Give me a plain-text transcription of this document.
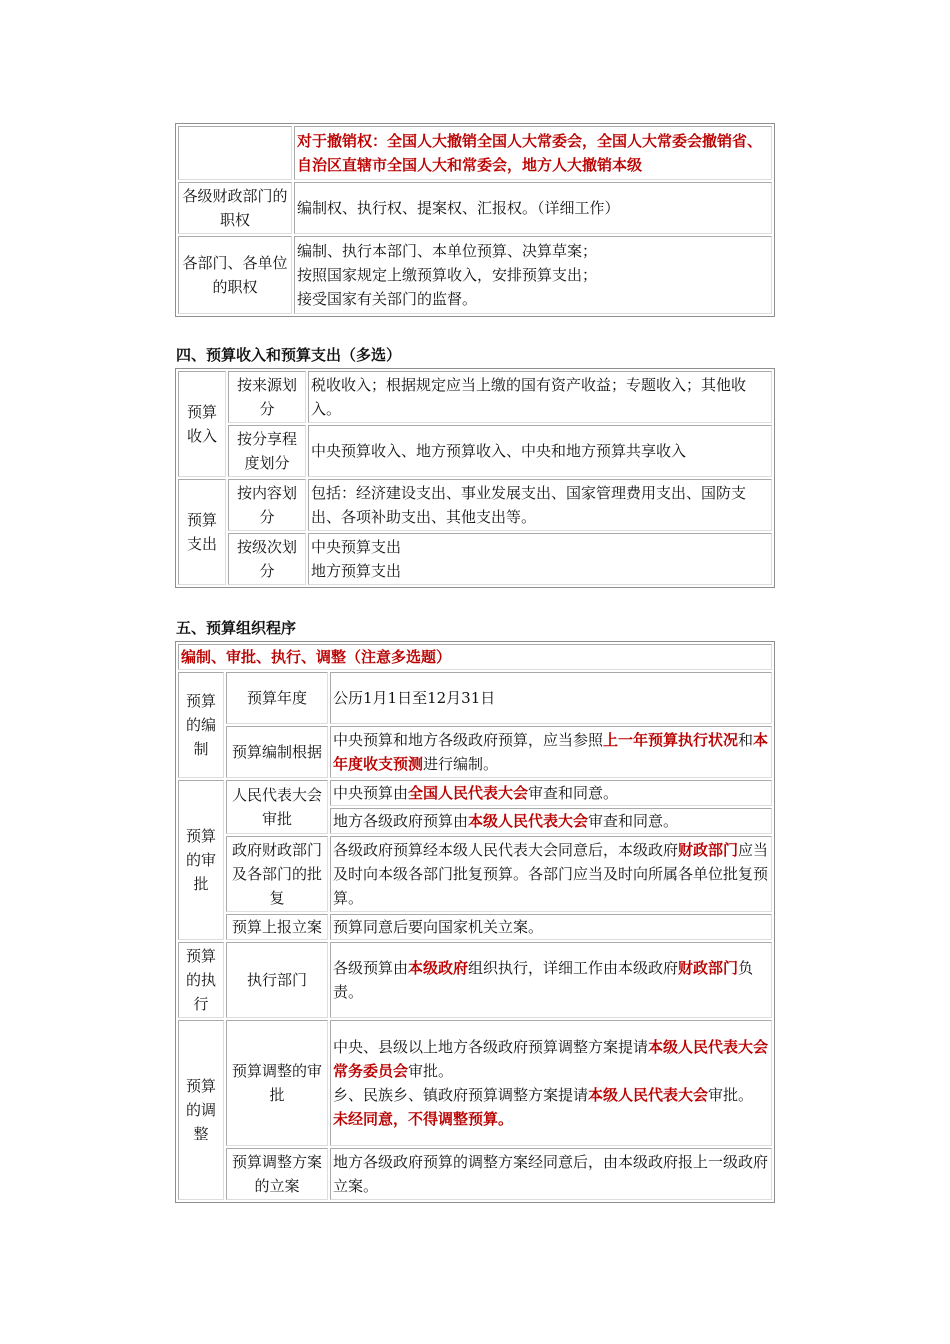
	对于撤销权：全国人大撤销全国人大常委会，全国人大常委会撤销省、自治区直辖市全国人大和常委会，地方人大撤销本级
各级财政部门的职权	编制权、执行权、提案权、汇报权。（详细工作）
各部门、各单位的职权	编制、执行本部门、本单位预算、决算草案；
按照国家规定上缴预算收入，安排预算支出；
接受国家有关部门的监督。
四、预算收入和预算支出（多选）
预算收入	按来源划分	税收收入；根据规定应当上缴的国有资产收益；专题收入；其他收入。
	按分享程度划分	中央预算收入、地方预算收入、中央和地方预算共享收入
预算支出	按内容划分	包括：经济建设支出、事业发展支出、国家管理费用支出、国防支出、各项补助支出、其他支出等。
	按级次划分	中央预算支出
地方预算支出
五、预算组织程序
编制、审批、执行、调整（注意多选题）		
预算的编制	预算年度	公历1月1日至12月31日
	预算编制根据	中央预算和地方各级政府预算，应当参照上一年预算执行状况和本年度收支预测进行编制。
预算的审批	人民代表大会审批	中央预算由全国人民代表大会审查和同意。
		地方各级政府预算由本级人民代表大会审查和同意。
	政府财政部门及各部门的批复	各级政府预算经本级人民代表大会同意后，本级政府财政部门应当及时向本级各部门批复预算。各部门应当及时向所属各单位批复预算。
	预算上报立案	预算同意后要向国家机关立案。
预算的执行	执行部门	各级预算由本级政府组织执行，详细工作由本级政府财政部门负责。
预算的调整	预算调整的审批	中央、县级以上地方各级政府预算调整方案提请本级人民代表大会常务委员会审批。
乡、民族乡、镇政府预算调整方案提请本级人民代表大会审批。
未经同意，不得调整预算。

	预算调整方案的立案	地方各级政府预算的调整方案经同意后，由本级政府报上一级政府立案。
